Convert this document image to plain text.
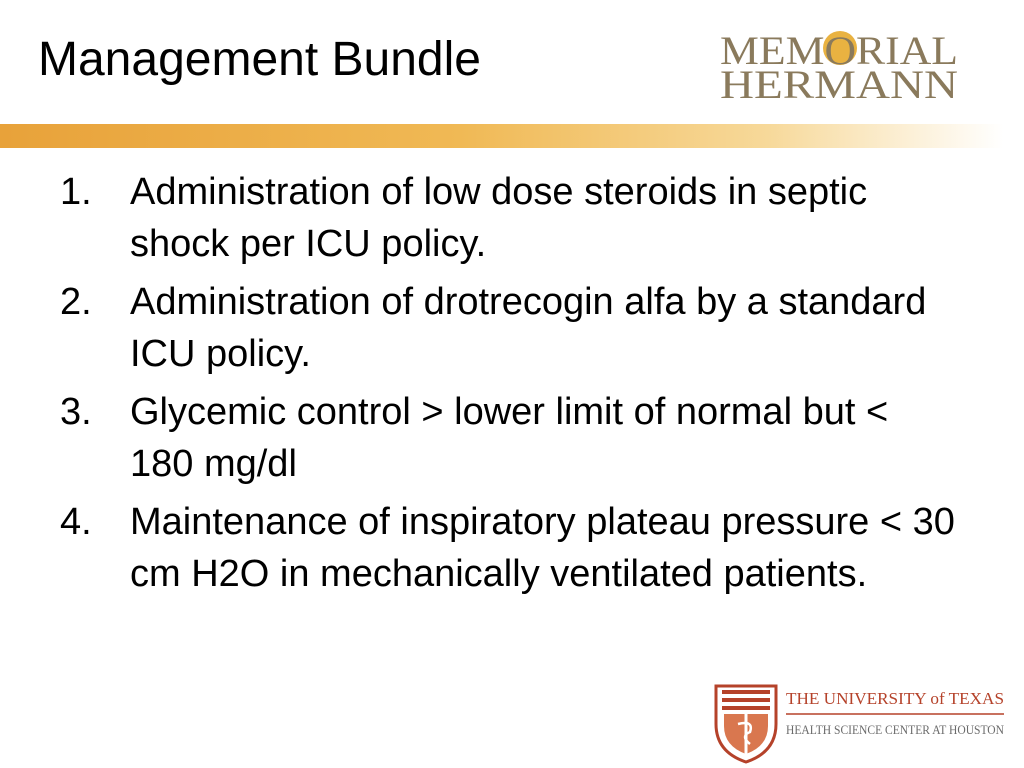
Management Bundle	MEMORIAL
HERMANN
1.	Administration of low dose steroids in septic shock per ICU policy.
2.	Administration of drotrecogin alfa by a standard ICU policy.
3.	Glycemic control > lower limit of normal but < 180 mg/dl
4.	Maintenance of inspiratory plateau pressure < 30 cm H2O in mechanically ventilated patients.
THE UNIVERSITY of TEXAS
HEALTH SCIENCE CENTER AT HOUSTON
